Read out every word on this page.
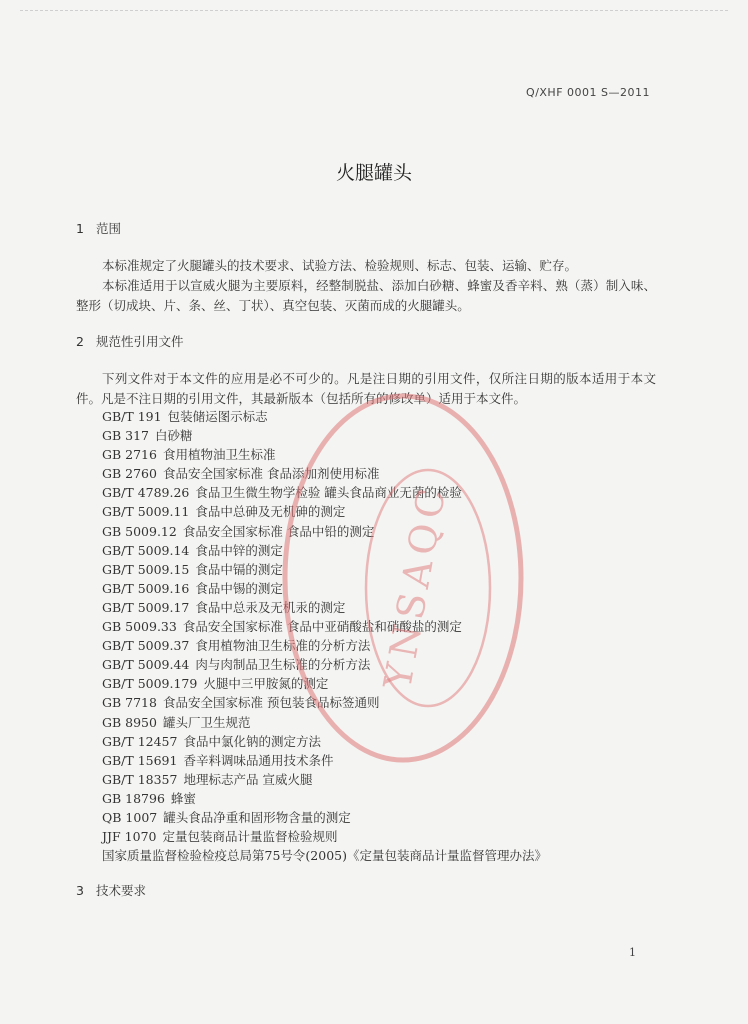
Q/XHF 0001 S—2011
火腿罐头
1 范围
本标准规定了火腿罐头的技术要求、试验方法、检验规则、标志、包装、运输、贮存。
本标准适用于以宣威火腿为主要原料，经整制脱盐、添加白砂糖、蜂蜜及香辛料、熟（蒸）制入味、整形（切成块、片、条、丝、丁状）、真空包装、灭菌而成的火腿罐头。
2 规范性引用文件
下列文件对于本文件的应用是必不可少的。凡是注日期的引用文件，仅所注日期的版本适用于本文件。凡是不注日期的引用文件，其最新版本（包括所有的修改单）适用于本文件。
GB/T 191 包装储运图示标志
GB 317 白砂糖
GB 2716 食用植物油卫生标准
GB 2760 食品安全国家标准 食品添加剂使用标准
GB/T 4789.26 食品卫生微生物学检验 罐头食品商业无菌的检验
GB/T 5009.11 食品中总砷及无机砷的测定
GB 5009.12 食品安全国家标准 食品中铅的测定
GB/T 5009.14 食品中锌的测定
GB/T 5009.15 食品中镉的测定
GB/T 5009.16 食品中锡的测定
GB/T 5009.17 食品中总汞及无机汞的测定
GB 5009.33 食品安全国家标准 食品中亚硝酸盐和硝酸盐的测定
GB/T 5009.37 食用植物油卫生标准的分析方法
GB/T 5009.44 肉与肉制品卫生标准的分析方法
GB/T 5009.179 火腿中三甲胺氮的测定
GB 7718 食品安全国家标准 预包装食品标签通则
GB 8950 罐头厂卫生规范
GB/T 12457 食品中氯化钠的测定方法
GB/T 15691 香辛料调味品通用技术条件
GB/T 18357 地理标志产品 宣威火腿
GB 18796 蜂蜜
QB 1007 罐头食品净重和固形物含量的测定
JJF 1070 定量包装商品计量监督检验规则
国家质量监督检验检疫总局第75号令(2005)《定量包装商品计量监督管理办法》
3 技术要求
YNSAQC
1
